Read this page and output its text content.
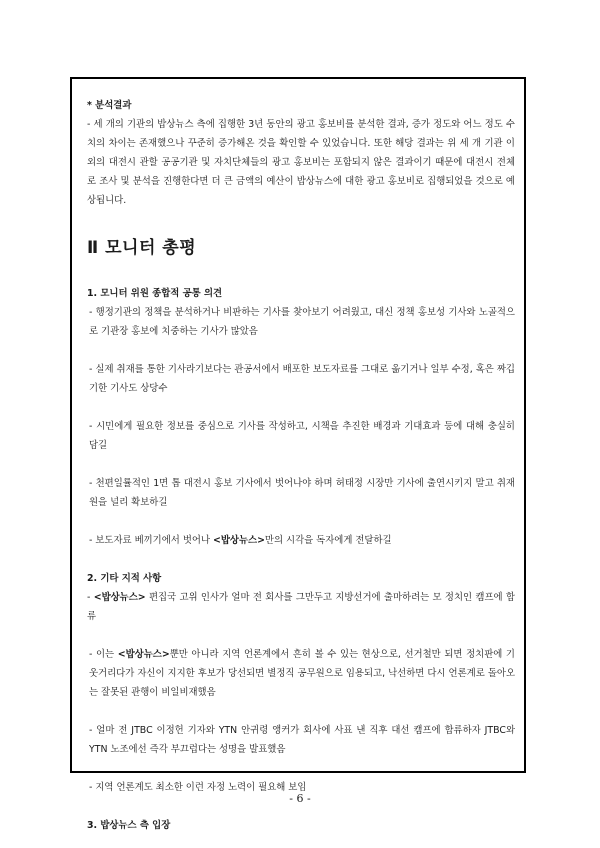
* 분석결과
- 세 개의 기관의 밥상뉴스 측에 집행한 3년 동안의 광고 홍보비를 분석한 결과, 증가 정도와 어느 정도 수치의 차이는 존재했으나 꾸준히 증가해온 것을 확인할 수 있었습니다. 또한 해당 결과는 위 세 개 기관 이외의 대전시 관할 공공기관 및 자치단체들의 광고 홍보비는 포함되지 않은 결과이기 때문에 대전시 전체로 조사 및 분석을 진행한다면 더 큰 금액의 예산이 밥상뉴스에 대한 광고 홍보비로 집행되었을 것으로 예상됩니다.
Ⅱ 모니터 총평
1. 모니터 위원 종합적 공통 의견
- 행정기관의 정책을 분석하거나 비판하는 기사를 찾아보기 어려웠고, 대신 정책 홍보성 기사와 노골적으로 기관장 홍보에 치중하는 기사가 많았음
- 실제 취재를 통한 기사라기보다는 관공서에서 배포한 보도자료를 그대로 옮기거나 일부 수정, 혹은 짜깁기한 기사도 상당수
- 시민에게 필요한 정보를 중심으로 기사를 작성하고, 시책을 추진한 배경과 기대효과 등에 대해 충실히 담길
- 천편일률적인 1면 톱 대전시 홍보 기사에서 벗어나야 하며 허태정 시장만 기사에 출연시키지 말고 취재원을 널리 확보하길
- 보도자료 베끼기에서 벗어나 <밥상뉴스>만의 시각을 독자에게 전달하길
2. 기타 지적 사항
- <밥상뉴스> 편집국 고위 인사가 얼마 전 회사를 그만두고 지방선거에 출마하려는 모 정치인 캠프에 합류
- 이는 <밥상뉴스>뿐만 아니라 지역 언론계에서 흔히 볼 수 있는 현상으로, 선거철만 되면 정치판에 기웃거리다가 자신이 지지한 후보가 당선되면 별정직 공무원으로 임용되고, 낙선하면 다시 언론계로 돌아오는 잘못된 관행이 비일비재했음
- 얼마 전 JTBC 이정헌 기자와 YTN 안귀령 앵커가 회사에 사표 낸 직후 대선 캠프에 합류하자 JTBC와 YTN 노조에선 즉각 부끄럽다는 성명을 발표했음
- 지역 언론계도 최소한 이런 자정 노력이 필요해 보임
3. 밥상뉴스 측 입장
- 6 -
